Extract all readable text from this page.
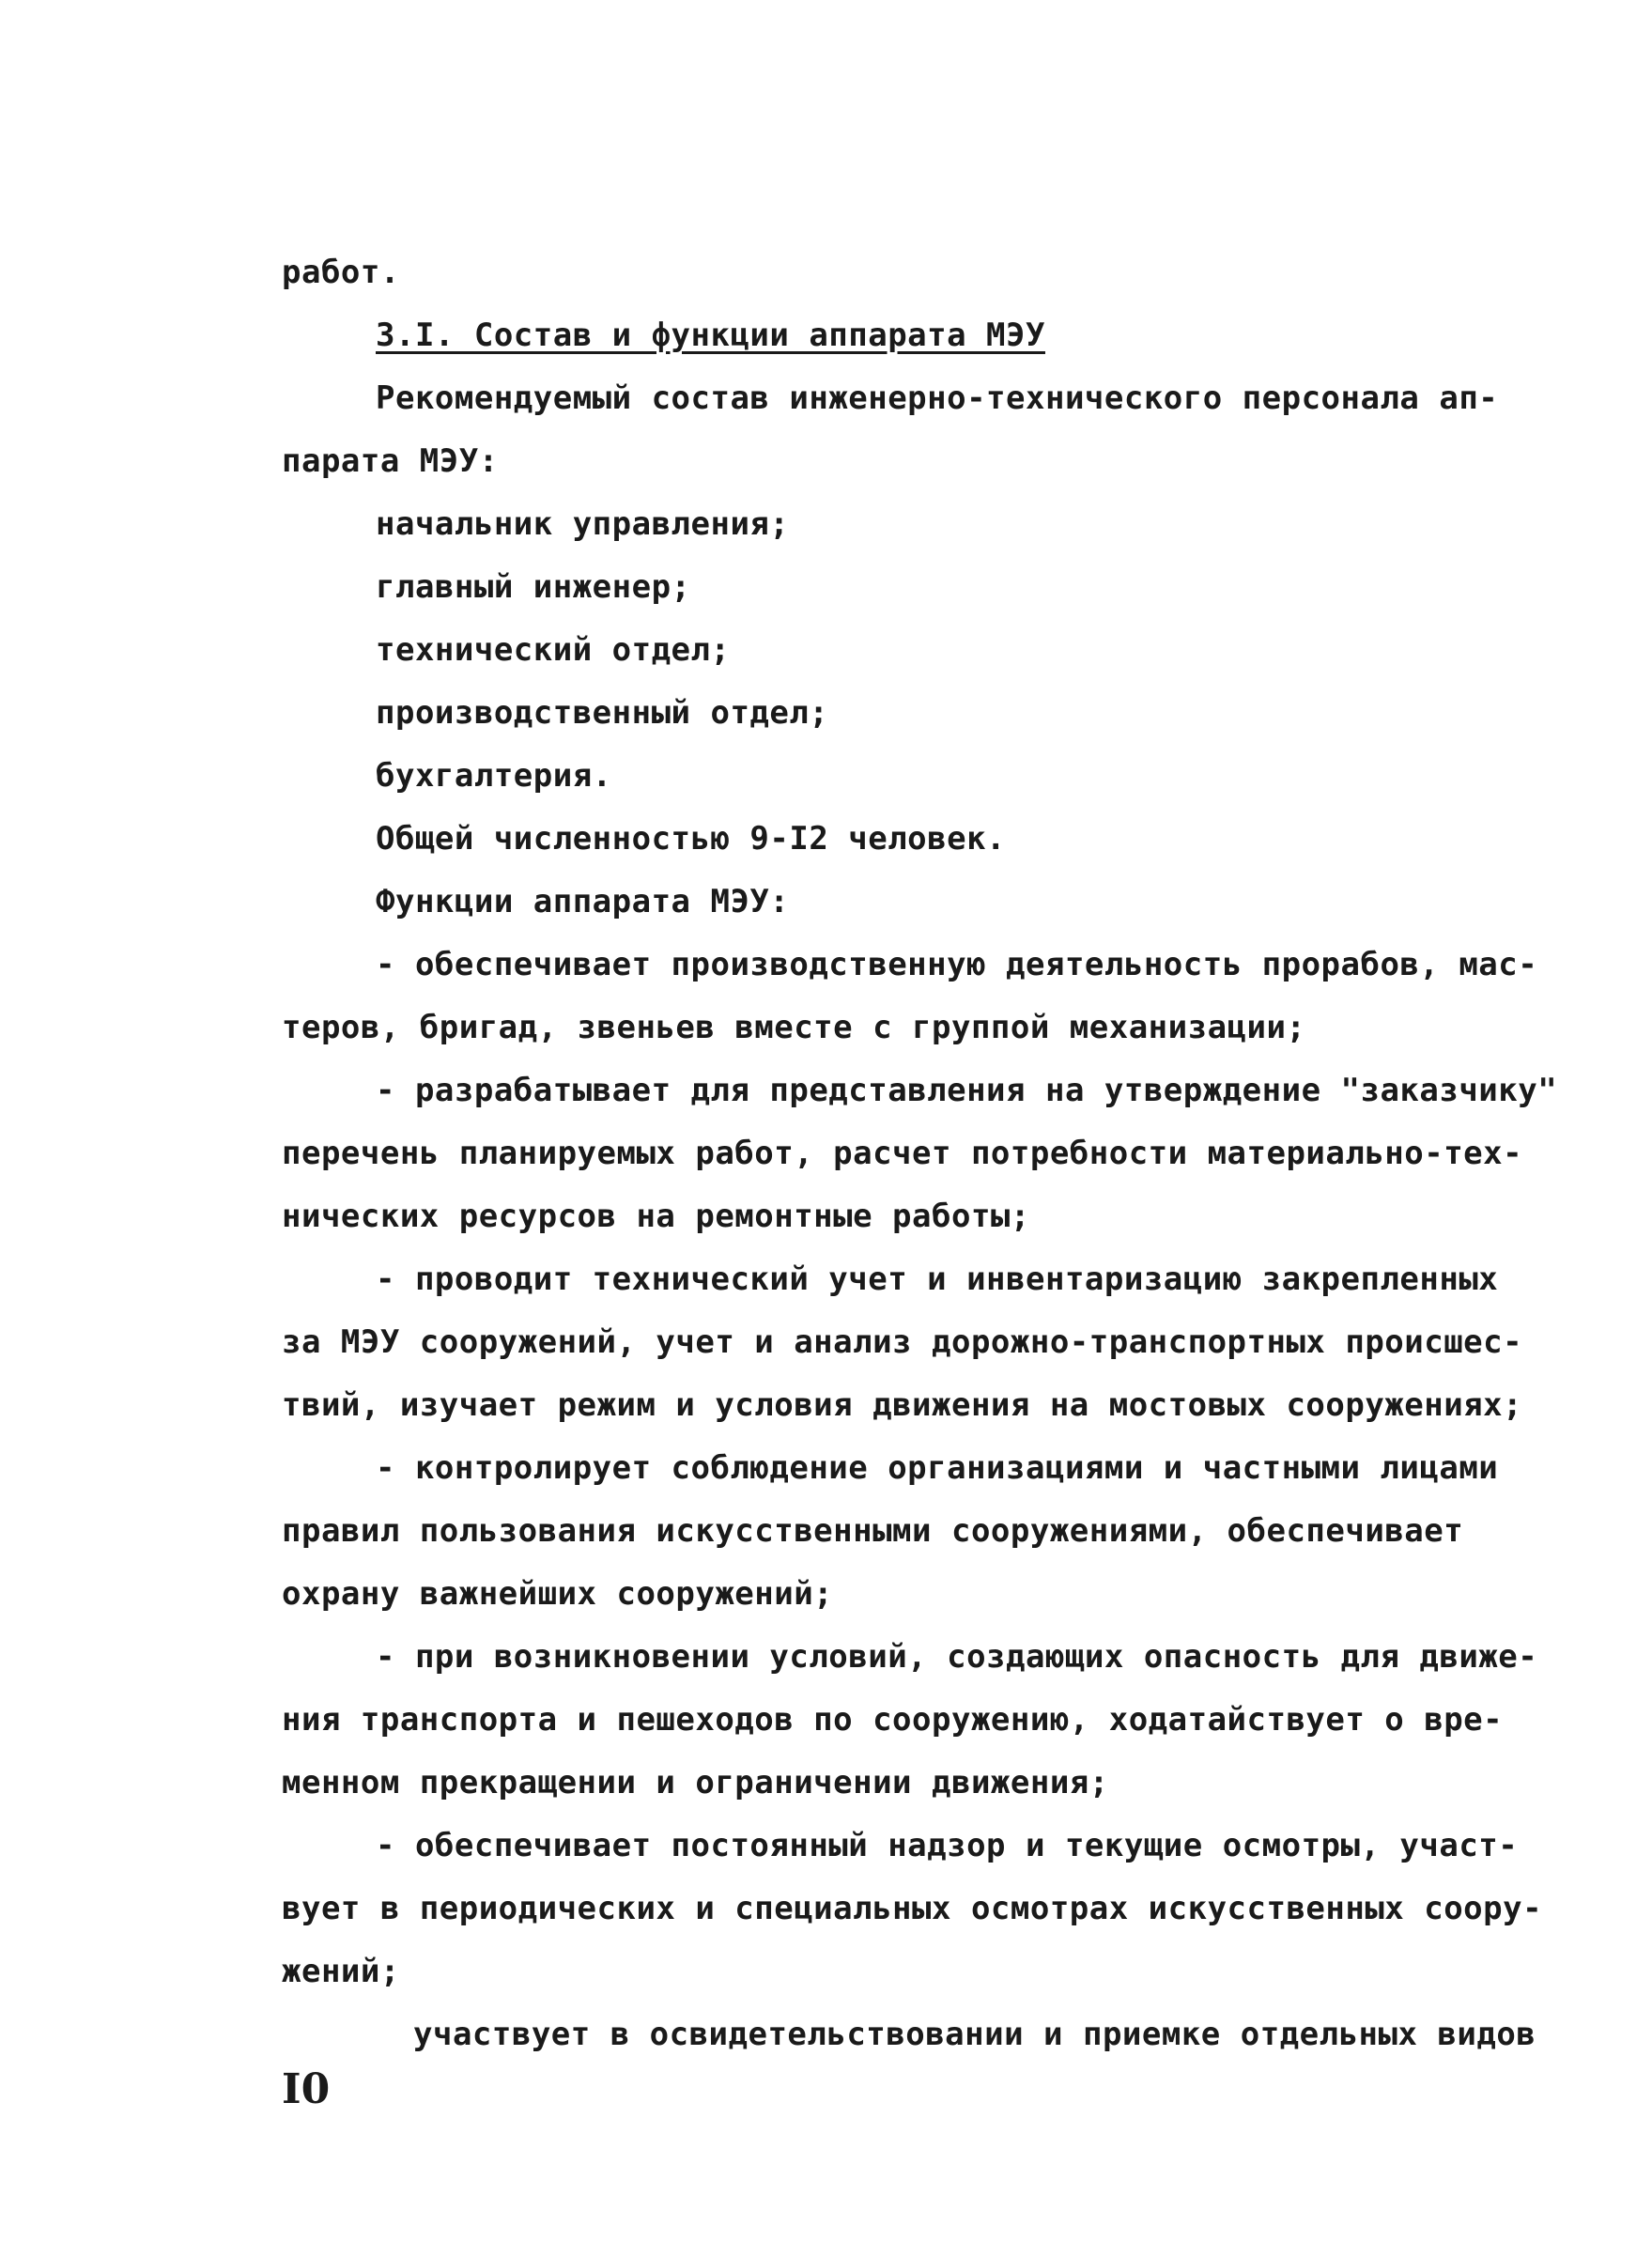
работ.
3.I. Состав и функции аппарата МЭУ
Рекомендуемый состав инженерно-технического персонала ап-
парата МЭУ:
начальник управления;
главный инженер;
технический отдел;
производственный отдел;
бухгалтерия.
Общей численностью 9-I2 человек.
Функции аппарата МЭУ:
- обеспечивает производственную деятельность прорабов, мас-
теров, бригад, звеньев вместе с группой механизации;
- разрабатывает для представления на утверждение "заказчику"
перечень планируемых работ, расчет потребности материально-тех-
нических ресурсов на ремонтные работы;
- проводит технический учет и инвентаризацию закрепленных
за МЭУ сооружений, учет и анализ дорожно-транспортных происшес-
твий, изучает режим и условия движения на мостовых сооружениях;
- контролирует соблюдение организациями и частными лицами
правил пользования искусственными сооружениями, обеспечивает
охрану важнейших сооружений;
- при возникновении условий, создающих опасность для движе-
ния транспорта и пешеходов по сооружению, ходатайствует о вре-
менном прекращении и ограничении движения;
- обеспечивает постоянный надзор и текущие осмотры, участ-
вует в периодических и специальных осмотрах искусственных соору-
жений;
участвует в освидетельствовании и приемке отдельных видов
I0
